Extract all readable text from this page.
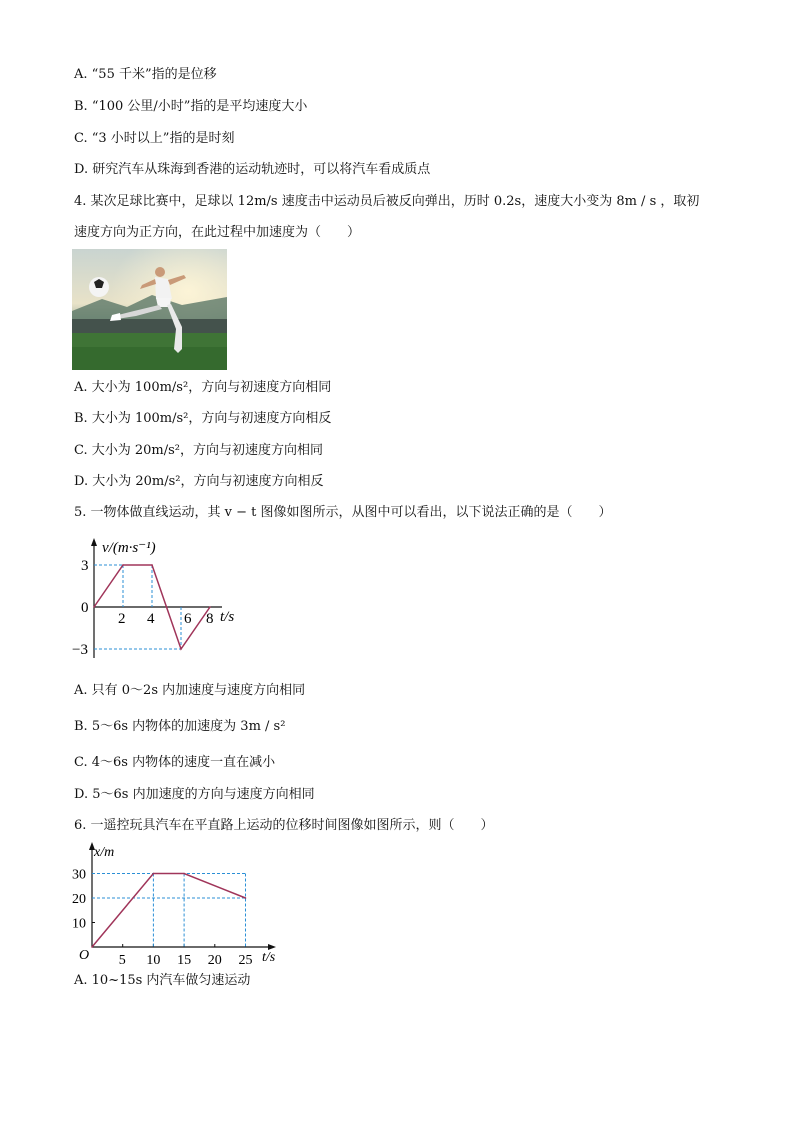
A. “55 千米”指的是位移
B. “100 公里/小时”指的是平均速度大小
C. “3 小时以上”指的是时刻
D. 研究汽车从珠海到香港的运动轨迹时，可以将汽车看成质点
4. 某次足球比赛中，足球以 12m/s 速度击中运动员后被反向弹出，历时 0.2s，速度大小变为 8m / s ，取初
速度方向为正方向，在此过程中加速度为（　　）
A. 大小为 100m/s²，方向与初速度方向相同
B. 大小为 100m/s²，方向与初速度方向相反
C. 大小为 20m/s²，方向与初速度方向相同
D. 大小为 20m/s²，方向与初速度方向相反
5. 一物体做直线运动，其 v − t 图像如图所示，从图中可以看出，以下说法正确的是（　　）
v/(m·s⁻¹)
t/s
2 4 6 8
3
0
−3
A. 只有 0～2s 内加速度与速度方向相同
B. 5～6s 内物体的加速度为 3m / s²
C. 4～6s 内物体的速度一直在减小
D. 5～6s 内加速度的方向与速度方向相同
6. 一遥控玩具汽车在平直路上运动的位移时间图像如图所示，则（　　）
x/m
t/s
O 5 10 15 20 25
10
20
30
A. 10~15s 内汽车做匀速运动
